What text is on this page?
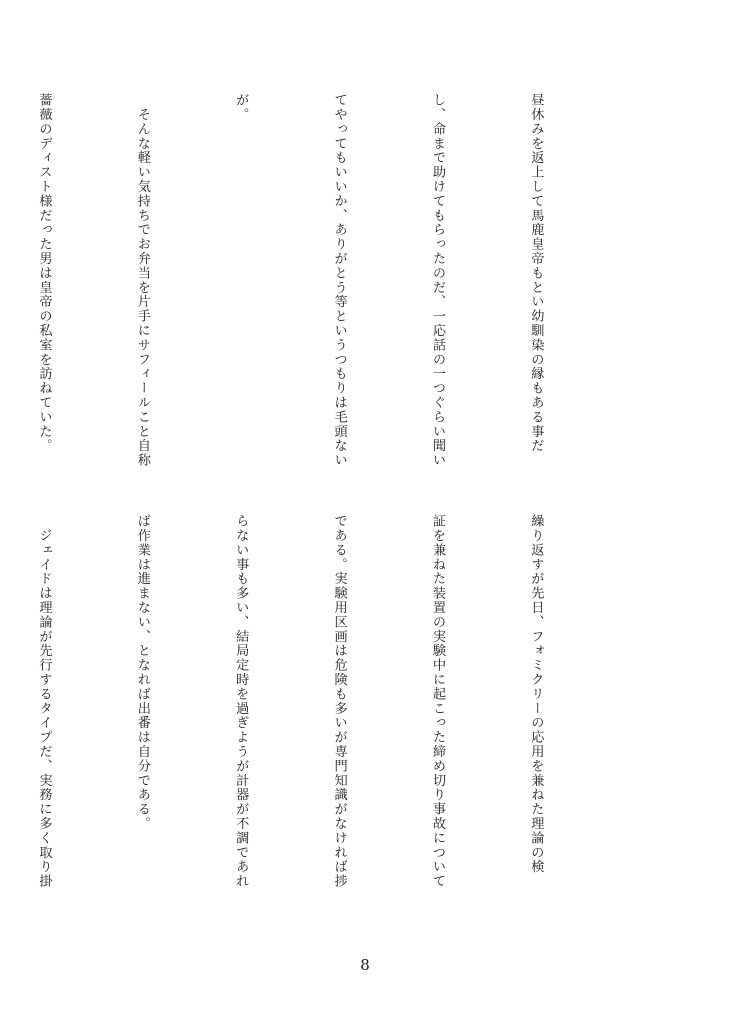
昼休みを返上して馬鹿皇帝もとい幼馴染の縁もある事だ

し、命まで助けてもらったのだ、一応話の一つぐらい聞い

てやってもいいか、ありがとう等というつもりは毛頭ない

が。

　そんな軽い気持ちでお弁当を片手にサフィールこと自称

薔薇のディスト様だった男は皇帝の私室を訪ねていた。

繰り返すが先日、フォミクリーの応用を兼ねた理論の検

証を兼ねた装置の実験中に起こった締め切り事故について

である。実験用区画は危険も多いが専門知識がなければ捗

らない事も多い、結局定時を過ぎようが計器が不調であれ

ば作業は進まない、となれば出番は自分である。

　ジェイドは理論が先行するタイプだ、実務に多く取り掛

8
